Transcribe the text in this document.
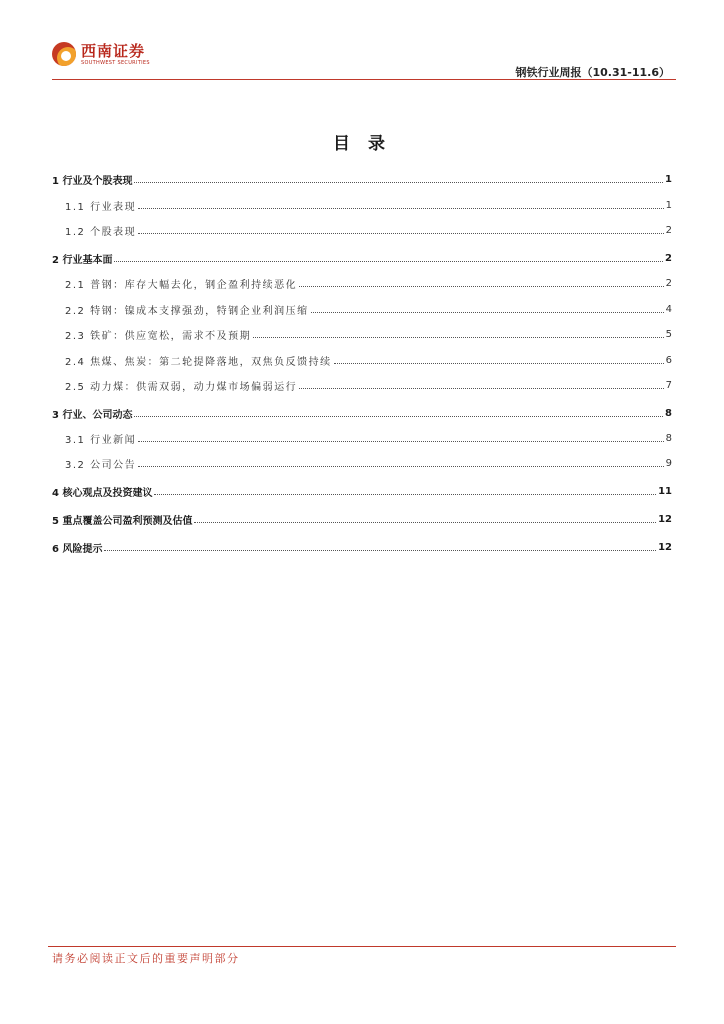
西南证券
SOUTHWEST SECURITIES
钢铁行业周报（10.31-11.6）
目 录
1 行业及个股表现	1
1.1 行业表现	1
1.2 个股表现	2
2 行业基本面	2
2.1 普钢：库存大幅去化，钢企盈利持续恶化	2
2.2 特钢：镍成本支撑强劲，特钢企业利润压缩	4
2.3 铁矿：供应宽松，需求不及预期	5
2.4 焦煤、焦炭：第二轮提降落地，双焦负反馈持续	6
2.5 动力煤：供需双弱，动力煤市场偏弱运行	7
3 行业、公司动态	8
3.1 行业新闻	8
3.2 公司公告	9
4 核心观点及投资建议	11
5 重点覆盖公司盈利预测及估值	12
6 风险提示	12
请务必阅读正文后的重要声明部分
